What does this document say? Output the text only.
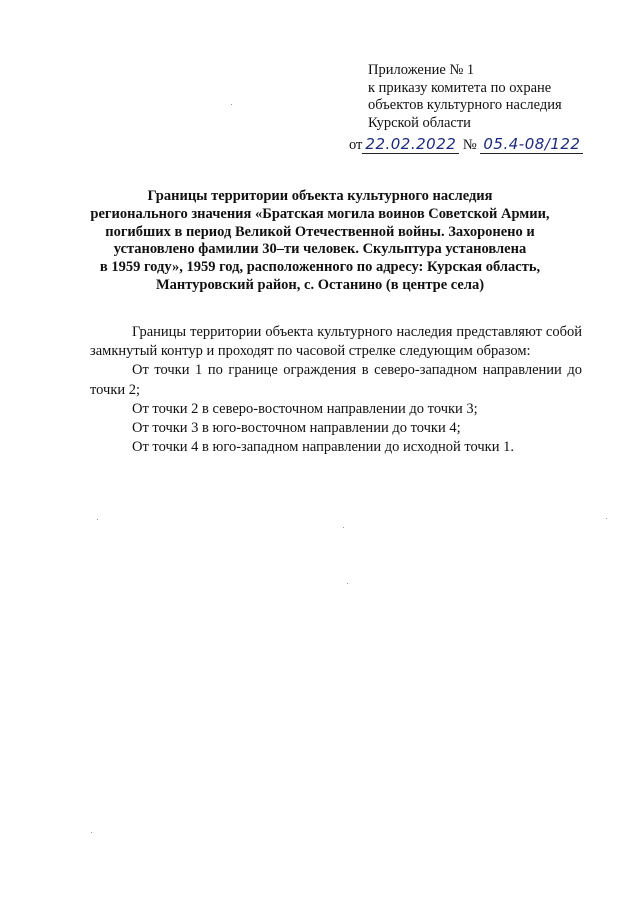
Приложение № 1
к приказу комитета по охране
объектов культурного наследия
Курской области
от 22.02.2022 № 05.4-08/122
Границы территории объекта культурного наследия
регионального значения «Братская могила воинов Советской Армии,
погибших в период Великой Отечественной войны. Захоронено и
установлено фамилии 30–ти человек. Скульптура установлена
в 1959 году», 1959 год, расположенного по адресу: Курская область,
Мантуровский район, с. Останино (в центре села)

Границы территории объекта культурного наследия представляют собой замкнутый контур и проходят по часовой стрелке следующим образом:

От точки 1 по границе ограждения в северо-западном направлении до точки 2;

От точки 2 в северо-восточном направлении до точки 3;

От точки 3 в юго-восточном направлении до точки 4;

От точки 4 в юго-западном направлении до исходной точки 1.
